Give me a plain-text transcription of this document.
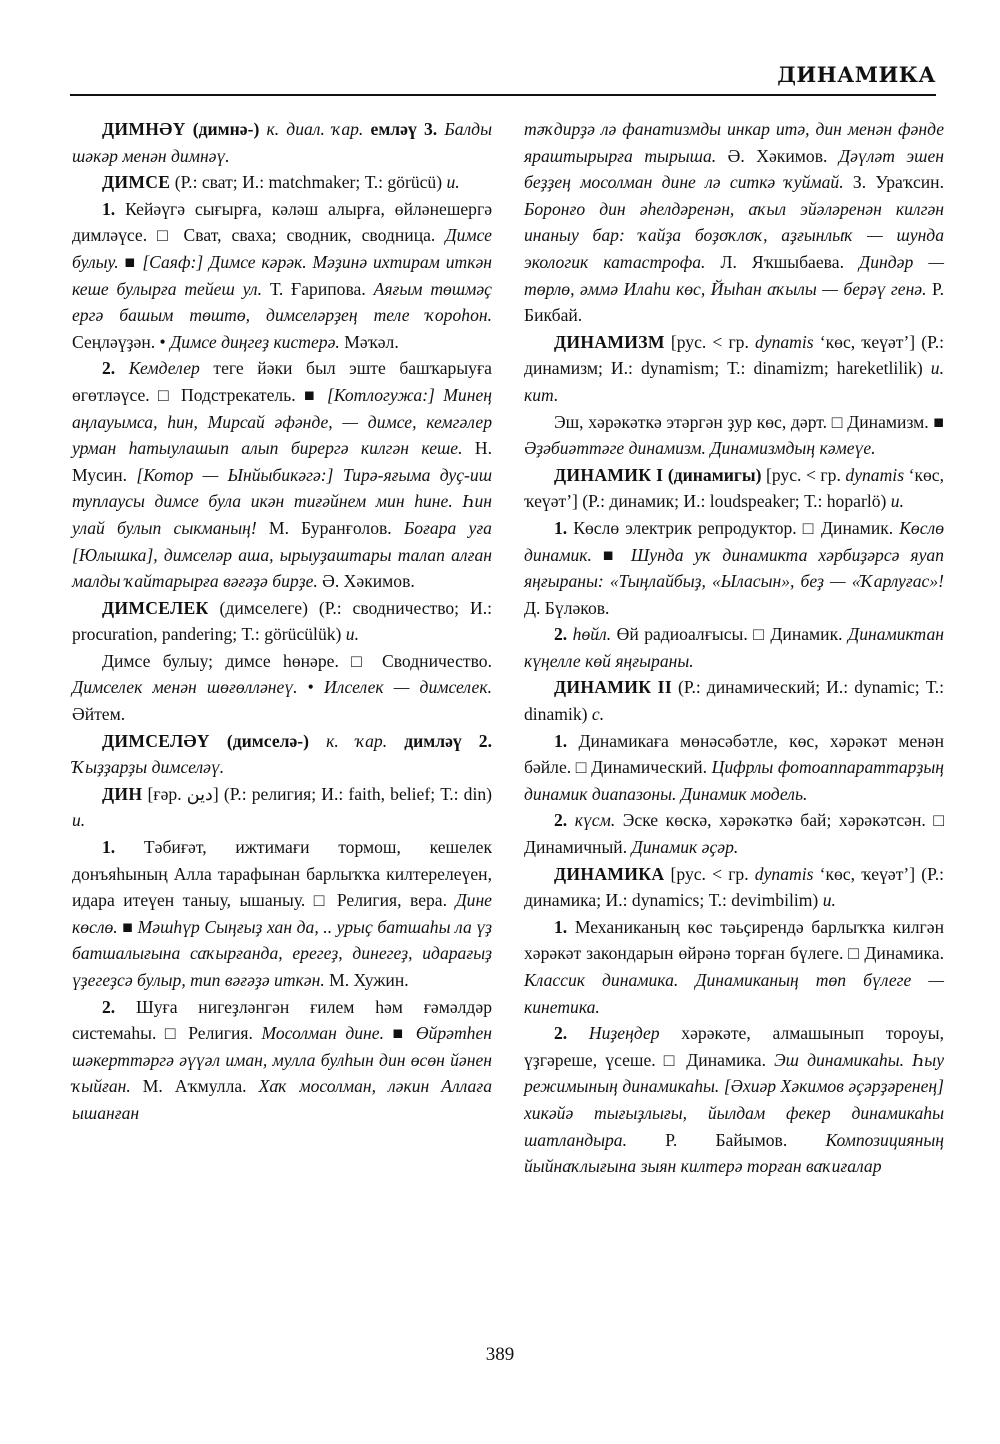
ДИНАМИКА

ДИМНӘҮ (димнә-) к. диал. ҡар. емләү 3. Балды шәкәр менән димнәү.

ДИМСЕ (Р.: сват; И.: matchmaker; Т.: görücü) и.

1. Кейәүгә сығырға, кәләш алырға, өйләнешергә димләүсе. □ Сват, сваха; сводник, сводница. Димсе булыу. ■ [Саяф:] Димсе кәрәк. Мәҙинә ихтирам иткән кеше булырға тейеш ул. Т. Ғарипова. Аяғым төшмәҫ ергә башым төштө, димселәрҙең теле ҡороһон. Сеңләүҙән. • Димсе диңгеҙ кистерә. Мәҡәл.

2. Кемделер теге йәки был эште башҡарыуға өгөтләүсе. □ Подстрекатель. ■ [Котлогужа:] Минең аңлауымса, һин, Мирсай әфәнде, — димсе, кемгәлер урман һатыулашып алып бирергә килгән кеше. Н. Мусин. [Котор — Ынйыбикәгә:] Тирә-яғыма дуҫ-иш туплаусы димсе була икән тиғәйнем мин һине. Һин улай булып сыкманың! М. Буранғолов. Боғара уға [Юлышка], димселәр аша, ырыуҙаштары талап алған малды ҡайтарырға вәғәҙә бирҙе. Ә. Хәкимов.

ДИМСЕЛЕК (димселеге) (Р.: сводничество; И.: procuration, pandering; Т.: görücülük) и.

Димсе булыу; димсе һөнәре. □ Сводничество. Димселек менән шөғөлләнеү. • Илселек — димселек. Әйтем.

ДИМСЕЛӘҮ (димселә-) к. ҡар. димләү 2. Ҡыҙҙарҙы димселәү.

ДИН [ғәр. دين] (Р.: религия; И.: faith, belief; Т.: din) и.

1. Тәбиғәт, ижтимағи тормош, кешелек донъяһының Алла тарафынан барлыҡҡа килтерелеүен, идара итеүен таныу, ышаныу. □ Религия, вера. Дине көслө. ■ Мәшһүр Сыңғыҙ хан да, .. урыҫ батшаһы ла үҙ батшалығына саҡырғанда, ерегеҙ, динегеҙ, идарағыҙ үҙегеҙсә булыр, тип вәғәҙә иткән. М. Хужин.

2. Шуға нигеҙләнгән ғилем һәм ғәмәлдәр системаһы. □ Религия. Мосолман дине. ■ Өйрәтһен шәкерттәргә әүүәл иман, мулла булһын дин өсөн йәнен ҡыйған. М. Аҡмулла. Хаҡ мосолман, ләкин Аллаға ышанған

тәҡдирҙә лә фанатизмды инкар итә, дин менән фәнде яраштырырға тырыша. Ә. Хәкимов. Дәүләт эшен беҙҙең мосолман дине лә ситкә ҡуймай. З. Ураҡсин. Боронғо дин әһелдәренән, аҡыл эйәләренән килгән инаныу бар: ҡайҙа боҙоҡлоҡ, аҙғынлыҡ — шунда экологик катастрофа. Л. Яҡшыбаева. Диндәр — төрлө, әммә Илаһи көс, Йыһан аҡылы — берәү генә. Р. Бикбай.

ДИНАМИЗМ [рус. < гр. dynamis ‘көс, ҡеүәт’] (Р.: динамизм; И.: dynamism; Т.: dinamizm; hareketlilik) и. кит.

Эш, хәрәкәткә этәргән ҙур көс, дәрт. □ Динамизм. ■ Әҙәбиәттәге динамизм. Динамизмдың кәмеүе.

ДИНАМИК I (динамигы) [рус. < гр. dynamis ‘көс, ҡеүәт’] (Р.: динамик; И.: loudspeaker; Т.: hoparlö) и.

1. Көслө электрик репродуктор. □ Динамик. Көслө динамик. ■ Шунда уҡ динамикта хәрбиҙәрсә яуап яңғыраны: «Тыңлайбыҙ, «Ыласын», беҙ — «Ҡарлуғас»! Д. Бүләков.

2. һөйл. Өй радиоалғысы. □ Динамик. Динамиктан күңелле көй яңғыраны.

ДИНАМИК II (Р.: динамический; И.: dynamic; Т.: dinamik) с.

1. Динамикаға мөнәсәбәтле, көс, хәрәкәт менән бәйле. □ Динамический. Цифрлы фотоаппараттарҙың динамик диапазоны. Динамик модель.

2. күсм. Эске көскә, хәрәкәткә бай; хәрәкәтсән. □ Динамичный. Динамик әҫәр.

ДИНАМИКА [рус. < гр. dynamis ‘көс, ҡеүәт’] (Р.: динамика; И.: dynamics; Т.: devimbilim) и.

1. Механиканың көс тәьҫирендә барлыҡҡа килгән хәрәкәт закондарын өйрәнә торған бүлеге. □ Динамика. Классик динамика. Динамиканың төп бүлеге — кинетика.

2. Ниҙеңдер хәрәкәте, алмашынып тороуы, үҙгәреше, үсеше. □ Динамика. Эш динамикаһы. Һыу режимының динамикаһы. [Әхиәр Хәкимов әҫәрҙәренең] хикәйә тығыҙлығы, йылдам фекер динамикаһы шатландыра. Р. Байымов. Композицияның йыйнаҡлығына зыян килтерә торған ваҡиғалар

389
